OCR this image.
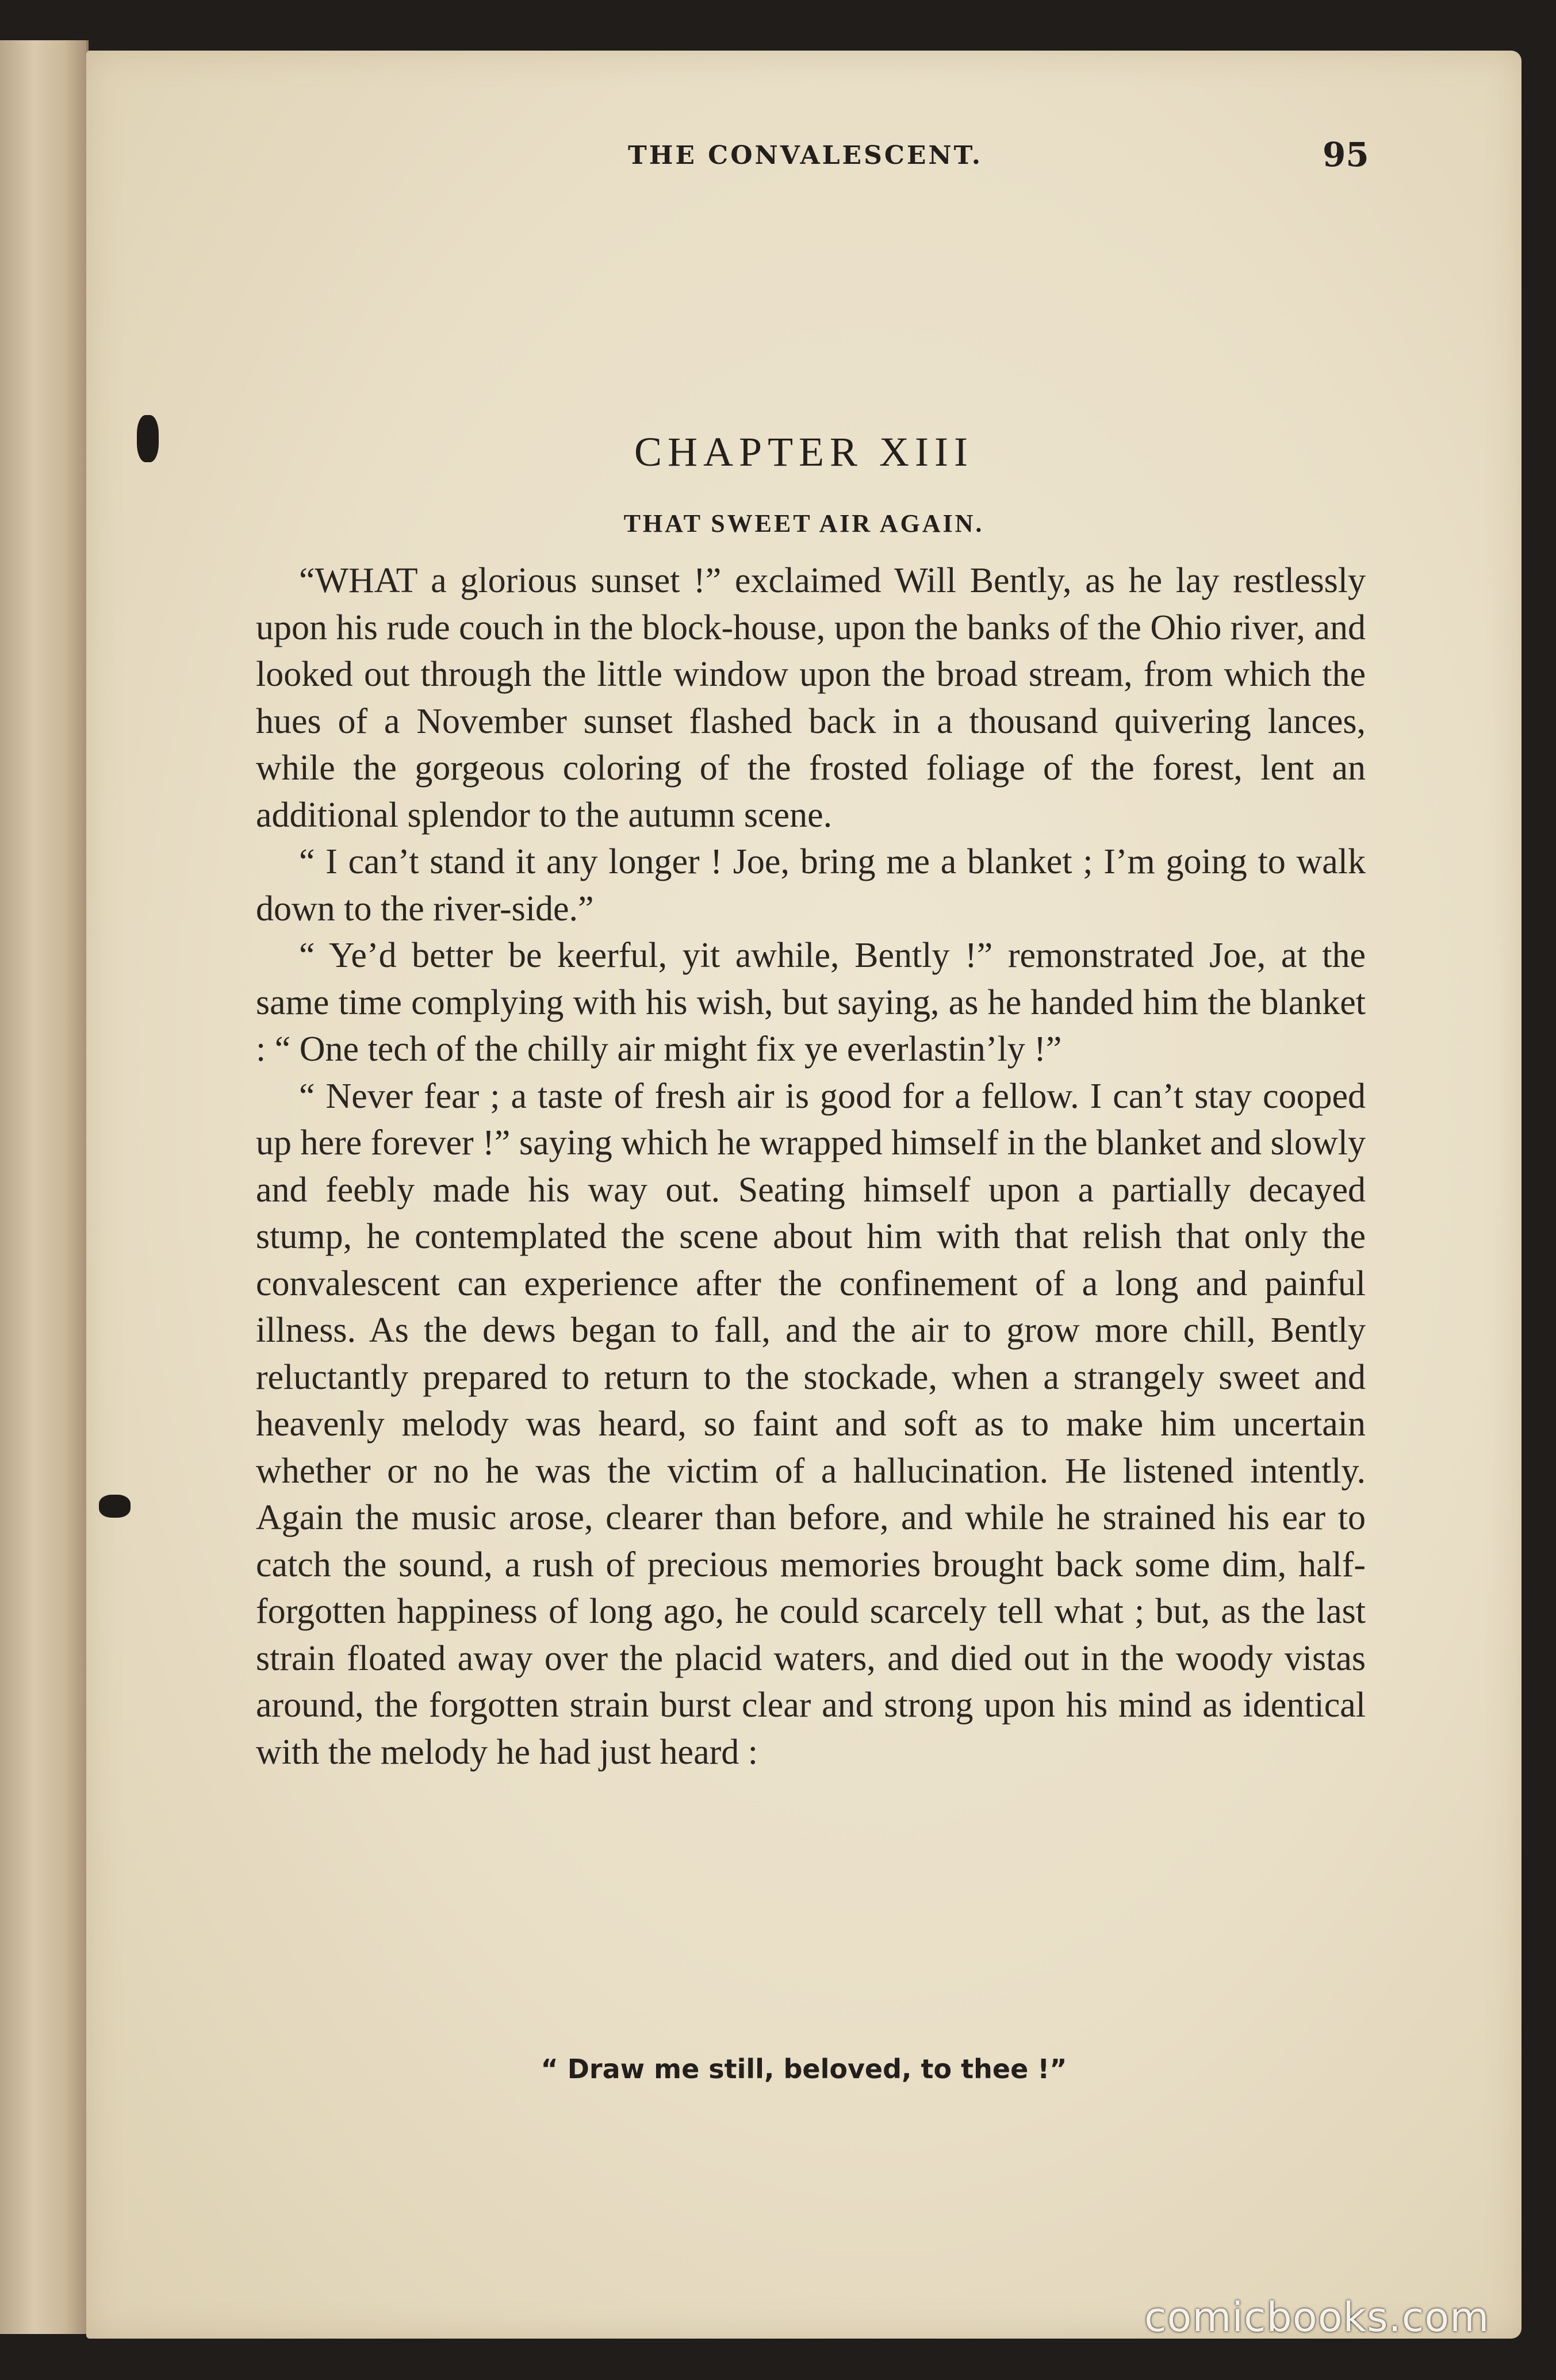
THE CONVALESCENT.	95
CHAPTER XIII
THAT SWEET AIR AGAIN.

“WHAT a glorious sunset !” exclaimed Will Bently, as he lay restlessly upon his rude couch in the block-house, upon the banks of the Ohio river, and looked out through the little window upon the broad stream, from which the hues of a November sunset flashed back in a thousand quivering lances, while the gorgeous coloring of the frosted foliage of the forest, lent an additional splendor to the autumn scene.

“ I can’t stand it any longer ! Joe, bring me a blanket ; I’m going to walk down to the river-side.”

“ Ye’d better be keerful, yit awhile, Bently !” remonstrated Joe, at the same time complying with his wish, but saying, as he handed him the blanket : “ One tech of the chilly air might fix ye everlastin’ly !”

“ Never fear ; a taste of fresh air is good for a fellow. I can’t stay cooped up here forever !” saying which he wrapped himself in the blanket and slowly and feebly made his way out. Seating himself upon a partially decayed stump, he contemplated the scene about him with that relish that only the convalescent can experience after the confinement of a long and painful illness. As the dews began to fall, and the air to grow more chill, Bently reluctantly prepared to return to the stockade, when a strangely sweet and heavenly melody was heard, so faint and soft as to make him uncertain whether or no he was the victim of a hallucination. He listened intently. Again the music arose, clearer than before, and while he strained his ear to catch the sound, a rush of precious memories brought back some dim, half-forgotten happiness of long ago, he could scarcely tell what ; but, as the last strain floated away over the placid waters, and died out in the woody vistas around, the forgotten strain burst clear and strong upon his mind as identical with the melody he had just heard :

“ Draw me still, beloved, to thee !”
comicbooks.com
